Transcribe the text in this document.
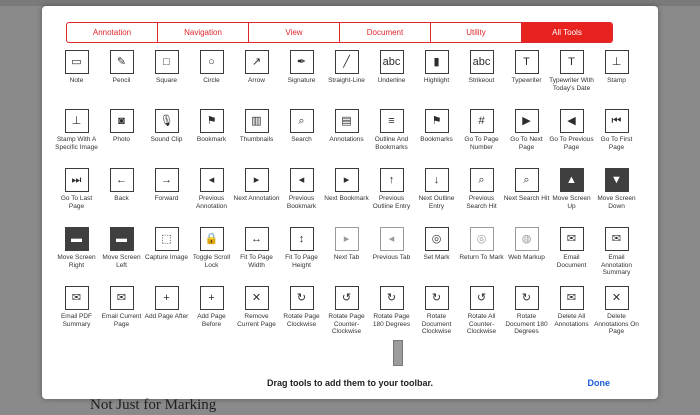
Annotation	Navigation	View	Document	Utility	All Tools
▭
Note
✎
Pencil
□
Square
○
Circle
↗
Arrow
✒
Signature
╱
Straight-Line
abc
Underline
▮
Highlight
abc
Strikeout
T
Typewriter
T
Typewriter With Today's Date
⊥
Stamp
⊥
Stamp With A Specific Image
◙
Photo
🎙
Sound Clip
⚑
Bookmark
▥
Thumbnails
⌕
Search
▤
Annotations
≡
Outline And Bookmarks
⚑
Bookmarks
#
Go To Page Number
▶
Go To Next Page
◀
Go To Previous Page
⏮
Go To First Page
⏭
Go To Last Page
←
Back
→
Forward
◂
Previous Annotation
▸
Next Annotation
◂
Previous Bookmark
▸
Next Bookmark
↑
Previous Outline Entry
↓
Next Outline Entry
⌕
Previous Search Hit
⌕
Next Search Hit
▲
Move Screen Up
▼
Move Screen Down
▬
Move Screen Right
▬
Move Screen Left
⬚
Capture Image
🔒
Toggle Scroll Lock
↔
Fit To Page Width
↕
Fit To Page Height
▸
Next Tab
◂
Previous Tab
◎
Set Mark
◎
Return To Mark
◍
Web Markup
✉
Email Document
✉
Email Annotation Summary
✉
Email PDF Summary
✉
Email Current Page
+
Add Page After
+
Add Page Before
✕
Remove Current Page
↻
Rotate Page Clockwise
↺
Rotate Page Counter-Clockwise
↻
Rotate Page 180 Degrees
↻
Rotate Document Clockwise
↺
Rotate All Counter-Clockwise
↻
Rotate Document 180 Degrees
✉
Delete All Annotations
✕
Delete Annotations On Page
Drag tools to add them to your toolbar.	Done
Not Just for Marking
